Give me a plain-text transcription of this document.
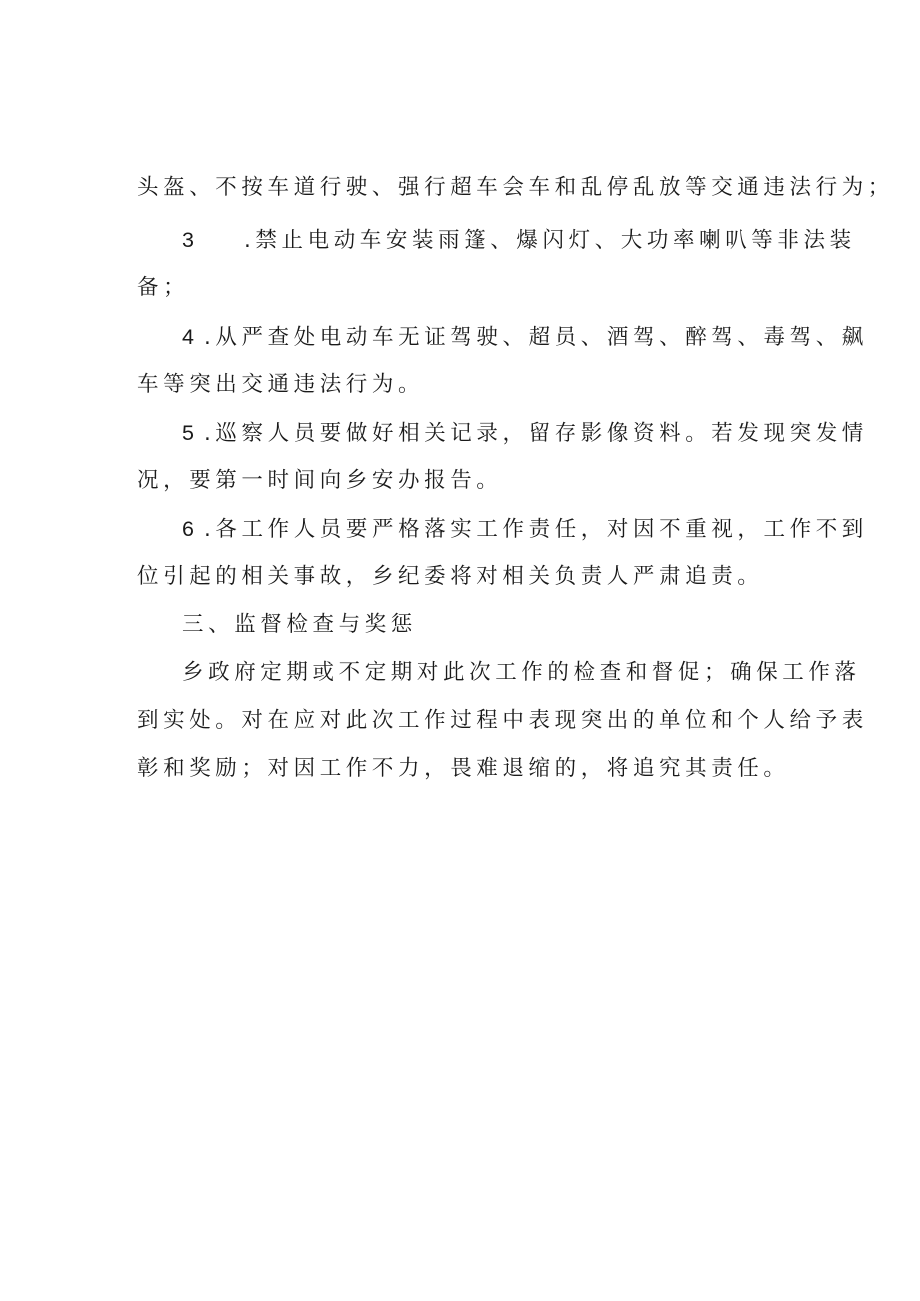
头盔、不按车道行驶、强行超车会车和乱停乱放等交通违法行为；
3 .禁止电动车安装雨篷、爆闪灯、大功率喇叭等非法装
备；
4 .从严查处电动车无证驾驶、超员、酒驾、醉驾、毒驾、飙
车等突出交通违法行为。
5 .巡察人员要做好相关记录，留存影像资料。若发现突发情
况，要第一时间向乡安办报告。
6 .各工作人员要严格落实工作责任，对因不重视，工作不到
位引起的相关事故，乡纪委将对相关负责人严肃追责。
三、监督检查与奖惩
乡政府定期或不定期对此次工作的检查和督促；确保工作落
到实处。对在应对此次工作过程中表现突出的单位和个人给予表
彰和奖励；对因工作不力，畏难退缩的，将追究其责任。
